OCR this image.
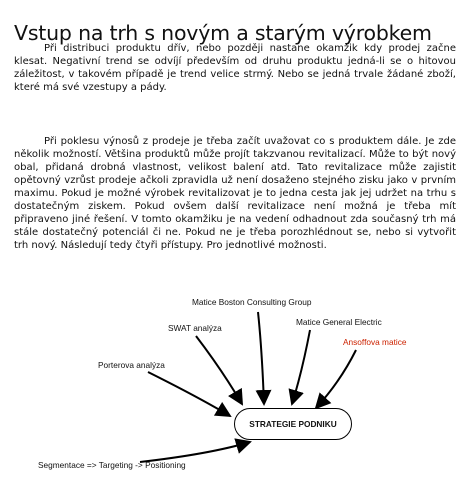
Vstup na trh s novým a starým výrobkem

Při distribuci produktu dřív, nebo později nastane okamžik kdy prodej začne klesat. Negativní trend se odvíjí především od druhu produktu jedná-li se o hitovou záležitost, v takovém případě je trend velice strmý. Nebo se jedná trvale žádané zboží, které má své vzestupy a pády.

Při poklesu výnosů z prodeje je třeba začít uvažovat co s produktem dále. Je zde několik možností. Většina produktů může projít takzvanou revitalizací. Může to být nový obal, přidaná drobná vlastnost, velikost balení atd. Tato revitalizace může zajistit opětovný vzrůst prodeje ačkoli zpravidla už není dosaženo stejného zisku jako v prvním maximu. Pokud je možné výrobek revitalizovat je to jedna cesta jak jej udržet na trhu s dostatečným ziskem. Pokud ovšem další revitalizace není možná je třeba mít připraveno jiné řešení. V tomto okamžiku je na vedení odhadnout zda současný trh má stále dostatečný potenciál či ne. Pokud ne je třeba porozhlédnout se, nebo si vytvořit trh nový. Následují tedy čtyři přístupy. Pro jednotlivé možnosti.

Matice Boston Consulting Group
SWAT analýza
Matice General Electric
Ansoffova matice
Porterova analýza
STRATEGIE PODNIKU
Segmentace => Targeting -> Positioning
